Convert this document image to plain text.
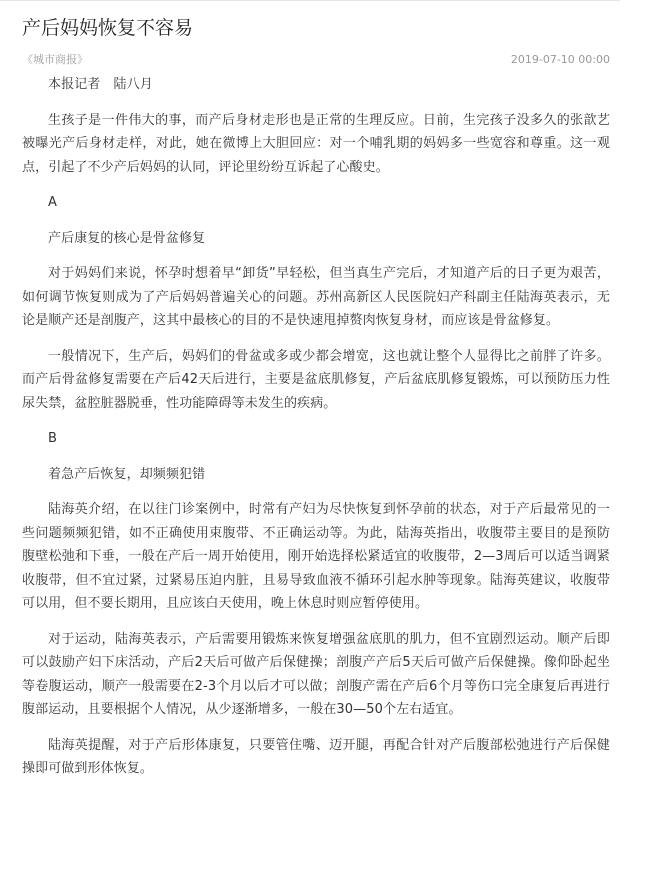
产后妈妈恢复不容易
《城市商报》	2019-07-10 00:00

本报记者　陆八月

生孩子是一件伟大的事，而产后身材走形也是正常的生理反应。日前，生完孩子没多久的张歆艺被曝光产后身材走样，对此，她在微博上大胆回应：对一个哺乳期的妈妈多一些宽容和尊重。这一观点，引起了不少产后妈妈的认同，评论里纷纷互诉起了心酸史。

A

产后康复的核心是骨盆修复

对于妈妈们来说，怀孕时想着早“卸货”早轻松，但当真生产完后，才知道产后的日子更为艰苦，如何调节恢复则成为了产后妈妈普遍关心的问题。苏州高新区人民医院妇产科副主任陆海英表示，无论是顺产还是剖腹产，这其中最核心的目的不是快速甩掉赘肉恢复身材，而应该是骨盆修复。

一般情况下，生产后，妈妈们的骨盆或多或少都会增宽，这也就让整个人显得比之前胖了许多。而产后骨盆修复需要在产后42天后进行，主要是盆底肌修复，产后盆底肌修复锻炼，可以预防压力性尿失禁，盆腔脏器脱垂，性功能障碍等未发生的疾病。

B

着急产后恢复，却频频犯错

陆海英介绍，在以往门诊案例中，时常有产妇为尽快恢复到怀孕前的状态，对于产后最常见的一些问题频频犯错，如不正确使用束腹带、不正确运动等。为此，陆海英指出，收腹带主要目的是预防腹壁松弛和下垂，一般在产后一周开始使用，刚开始选择松紧适宜的收腹带，2—3周后可以适当调紧收腹带，但不宜过紧，过紧易压迫内脏，且易导致血液不循环引起水肿等现象。陆海英建议，收腹带可以用，但不要长期用，且应该白天使用，晚上休息时则应暂停使用。

对于运动，陆海英表示，产后需要用锻炼来恢复增强盆底肌的肌力，但不宜剧烈运动。顺产后即可以鼓励产妇下床活动，产后2天后可做产后保健操；剖腹产产后5天后可做产后保健操。像仰卧起坐等卷腹运动，顺产一般需要在2-3个月以后才可以做；剖腹产需在产后6个月等伤口完全康复后再进行腹部运动，且要根据个人情况，从少逐渐增多，一般在30—50个左右适宜。

陆海英提醒，对于产后形体康复，只要管住嘴、迈开腿，再配合针对产后腹部松弛进行产后保健操即可做到形体恢复。
